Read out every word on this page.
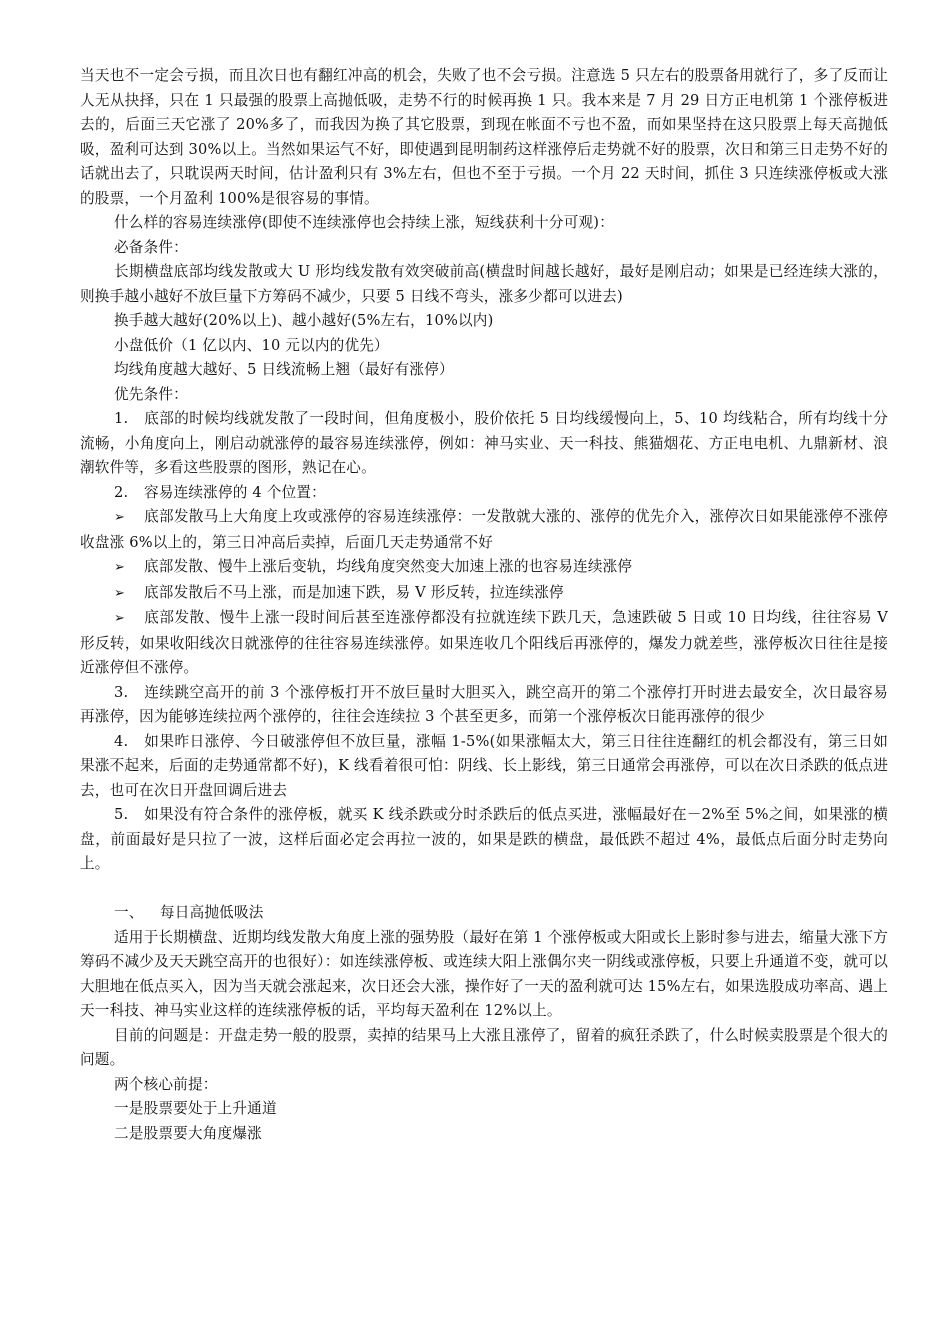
当天也不一定会亏损，而且次日也有翻红冲高的机会，失败了也不会亏损。注意选 5 只左右的股票备用就行了，多了反而让人无从抉择，只在 1 只最强的股票上高抛低吸，走势不行的时候再换 1 只。我本来是 7 月 29 日方正电机第 1 个涨停板进去的，后面三天它涨了 20%多了，而我因为换了其它股票，到现在帐面不亏也不盈，而如果坚持在这只股票上每天高抛低吸，盈利可达到 30%以上。当然如果运气不好，即使遇到昆明制药这样涨停后走势就不好的股票，次日和第三日走势不好的话就出去了，只耽误两天时间，估计盈利只有 3%左右，但也不至于亏损。一个月 22 天时间，抓住 3 只连续涨停板或大涨的股票，一个月盈利 100%是很容易的事情。

什么样的容易连续涨停(即使不连续涨停也会持续上涨，短线获利十分可观)：

必备条件：

长期横盘底部均线发散或大 U 形均线发散有效突破前高(横盘时间越长越好，最好是刚启动；如果是已经连续大涨的，则换手越小越好不放巨量下方筹码不减少，只要 5 日线不弯头，涨多少都可以进去)

换手越大越好(20%以上)、越小越好(5%左右，10%以内)

小盘低价（1 亿以内、10 元以内的优先）

均线角度越大越好、5 日线流畅上翘（最好有涨停）

优先条件：

1. 底部的时候均线就发散了一段时间，但角度极小，股价依托 5 日均线缓慢向上，5、10 均线粘合，所有均线十分流畅，小角度向上，刚启动就涨停的最容易连续涨停，例如：神马实业、天一科技、熊猫烟花、方正电电机、九鼎新材、浪潮软件等，多看这些股票的图形，熟记在心。

2. 容易连续涨停的 4 个位置：

➢ 底部发散马上大角度上攻或涨停的容易连续涨停：一发散就大涨的、涨停的优先介入，涨停次日如果能涨停不涨停收盘涨 6%以上的，第三日冲高后卖掉，后面几天走势通常不好

➢ 底部发散、慢牛上涨后变轨，均线角度突然变大加速上涨的也容易连续涨停

➢ 底部发散后不马上涨，而是加速下跌，易 V 形反转，拉连续涨停

➢ 底部发散、慢牛上涨一段时间后甚至连涨停都没有拉就连续下跌几天，急速跌破 5 日或 10 日均线，往往容易 V 形反转，如果收阳线次日就涨停的往往容易连续涨停。如果连收几个阳线后再涨停的，爆发力就差些，涨停板次日往往是接近涨停但不涨停。

3. 连续跳空高开的前 3 个涨停板打开不放巨量时大胆买入，跳空高开的第二个涨停打开时进去最安全，次日最容易再涨停，因为能够连续拉两个涨停的，往往会连续拉 3 个甚至更多，而第一个涨停板次日能再涨停的很少

4. 如果昨日涨停、今日破涨停但不放巨量，涨幅 1-5%(如果涨幅太大，第三日往往连翻红的机会都没有，第三日如果涨不起来，后面的走势通常都不好)，K 线看着很可怕：阴线、长上影线，第三日通常会再涨停，可以在次日杀跌的低点进去，也可在次日开盘回调后进去

5. 如果没有符合条件的涨停板，就买 K 线杀跌或分时杀跌后的低点买进，涨幅最好在－2%至 5%之间，如果涨的横盘，前面最好是只拉了一波，这样后面必定会再拉一波的，如果是跌的横盘，最低跌不超过 4%，最低点后面分时走势向上。

一、 每日高抛低吸法

适用于长期横盘、近期均线发散大角度上涨的强势股（最好在第 1 个涨停板或大阳或长上影时参与进去，缩量大涨下方筹码不减少及天天跳空高开的也很好）：如连续涨停板、或连续大阳上涨偶尔夹一阴线或涨停板，只要上升通道不变，就可以大胆地在低点买入，因为当天就会涨起来，次日还会大涨，操作好了一天的盈利就可达 15%左右，如果选股成功率高、遇上天一科技、神马实业这样的连续涨停板的话，平均每天盈利在 12%以上。

目前的问题是：开盘走势一般的股票，卖掉的结果马上大涨且涨停了，留着的疯狂杀跌了，什么时候卖股票是个很大的问题。

两个核心前提：

一是股票要处于上升通道

二是股票要大角度爆涨
